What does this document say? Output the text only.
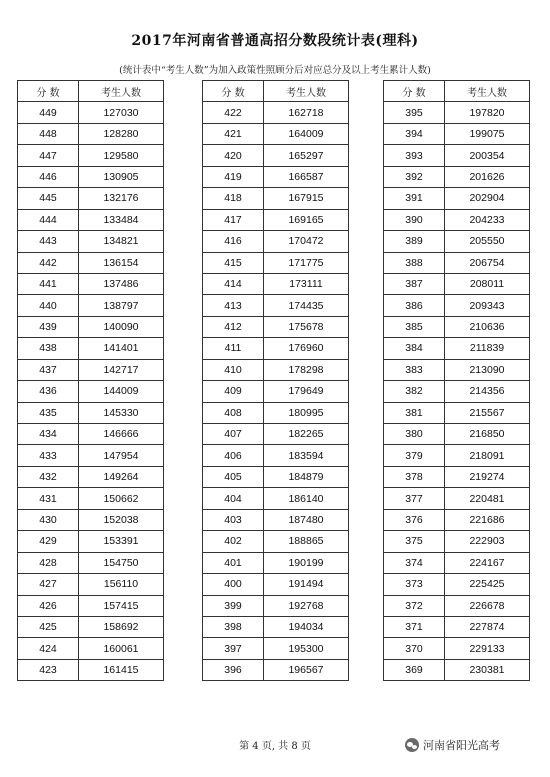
2017年河南省普通高招分数段统计表(理科)
(统计表中“考生人数”为加入政策性照顾分后对应总分及以上考生累计人数)
分 数	考生人数
449	127030
448	128280
447	129580
446	130905
445	132176
444	133484
443	134821
442	136154
441	137486
440	138797
439	140090
438	141401
437	142717
436	144009
435	145330
434	146666
433	147954
432	149264
431	150662
430	152038
429	153391
428	154750
427	156110
426	157415
425	158692
424	160061
423	161415
分 数	考生人数
422	162718
421	164009
420	165297
419	166587
418	167915
417	169165
416	170472
415	171775
414	173111
413	174435
412	175678
411	176960
410	178298
409	179649
408	180995
407	182265
406	183594
405	184879
404	186140
403	187480
402	188865
401	190199
400	191494
399	192768
398	194034
397	195300
396	196567
分 数	考生人数
395	197820
394	199075
393	200354
392	201626
391	202904
390	204233
389	205550
388	206754
387	208011
386	209343
385	210636
384	211839
383	213090
382	214356
381	215567
380	216850
379	218091
378	219274
377	220481
376	221686
375	222903
374	224167
373	225425
372	226678
371	227874
370	229133
369	230381
第 4 页, 共 8 页	河南省阳光高考
